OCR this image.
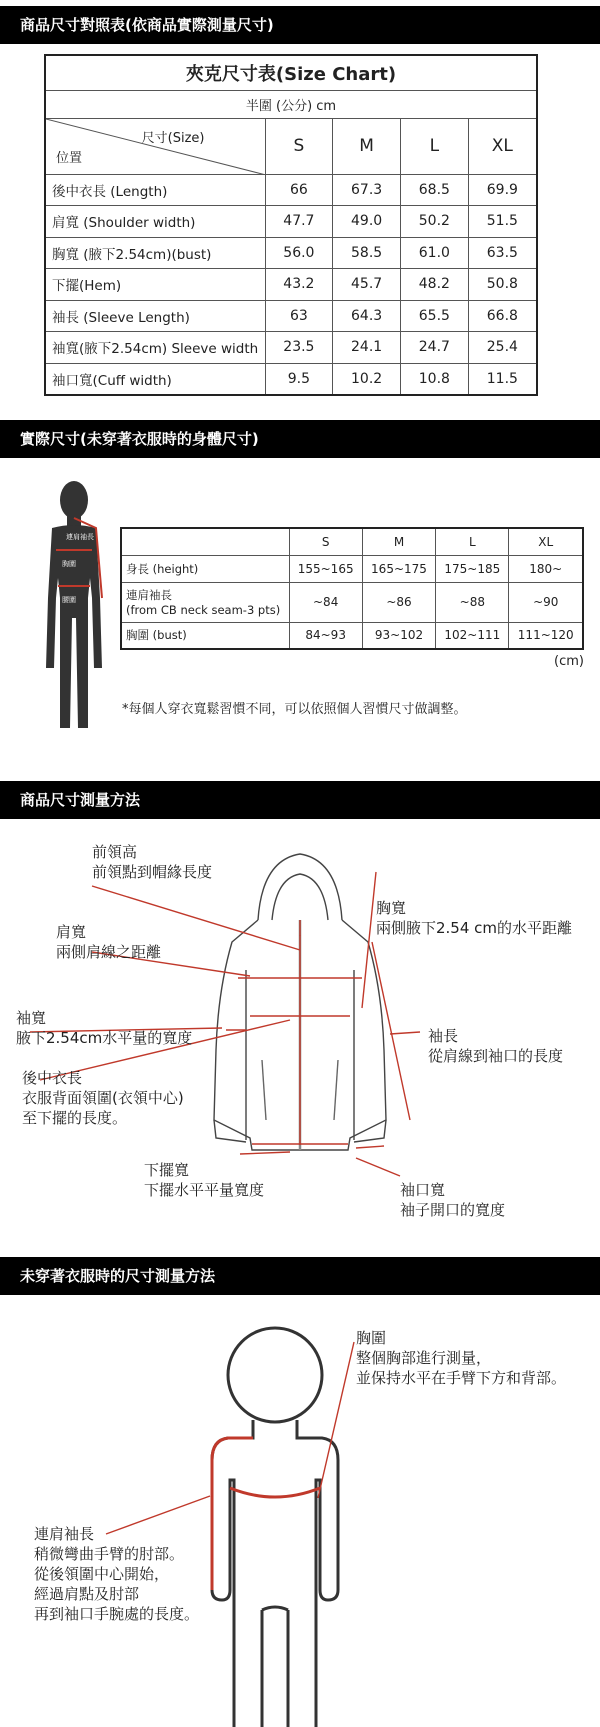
商品尺寸對照表(依商品實際測量尺寸)
夾克尺寸表(Size Chart)				
半圍 (公分) cm				

尺寸(Size)
位置	S	M	L	XL
後中衣長 (Length)	66	67.3	68.5	69.9
肩寬 (Shoulder width)	47.7	49.0	50.2	51.5
胸寬 (腋下2.54cm)(bust)	56.0	58.5	61.0	63.5
下擺(Hem)	43.2	45.7	48.2	50.8
袖長 (Sleeve Length)	63	64.3	65.5	66.8
袖寬(腋下2.54cm) Sleeve width	23.5	24.1	24.7	25.4
袖口寬(Cuff width)	9.5	10.2	10.8	11.5
實際尺寸(未穿著衣服時的身體尺寸)
連肩袖長
胸圍
腰圍
	S	M	L	XL
身長 (height)	155~165	165~175	175~185	180~

連肩袖長
(from CB neck seam-3 pts)	~84	~86	~88	~90
胸圍 (bust)	84~93	93~102	102~111	111~120
(cm)
*每個人穿衣寬鬆習慣不同，可以依照個人習慣尺寸做調整。
商品尺寸測量方法
前領高
前領點到帽緣長度
肩寬
兩側肩線之距離
袖寬
腋下2.54cm水平量的寬度
後中衣長
衣服背面領圍(衣領中心)
至下擺的長度。
下擺寬
下擺水平平量寬度
胸寬
兩側腋下2.54 cm的水平距離
袖長
從肩線到袖口的長度
袖口寬
袖子開口的寬度
未穿著衣服時的尺寸測量方法
胸圍
整個胸部進行測量，
並保持水平在手臂下方和背部。
連肩袖長
稍微彎曲手臂的肘部。
從後領圍中心開始，
經過肩點及肘部
再到袖口手腕處的長度。
